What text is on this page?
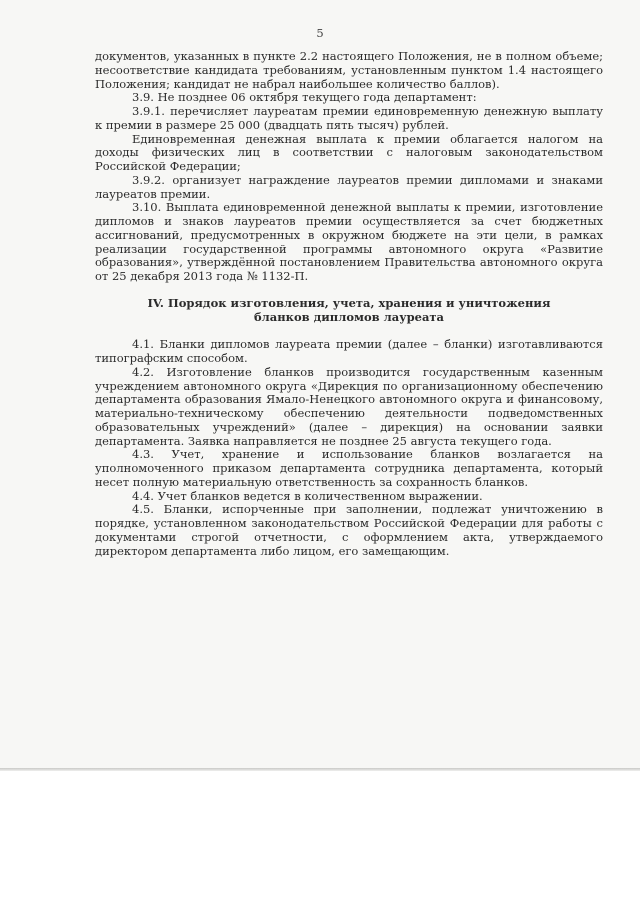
5

документов, указанных в пункте 2.2 настоящего Положения, не в полном объеме; несоответствие кандидата требованиям, установленным пунктом 1.4 настоящего Положения; кандидат не набрал наибольшее количество баллов).

3.9. Не позднее 06 октября текущего года департамент:

3.9.1. перечисляет лауреатам премии единовременную денежную выплату к премии в размере 25 000 (двадцать пять тысяч) рублей.

Единовременная денежная выплата к премии облагается налогом на доходы физических лиц в соответствии с налоговым законодательством Российской Федерации;

3.9.2. организует награждение лауреатов премии дипломами и знаками лауреатов премии.

3.10. Выплата единовременной денежной выплаты к премии, изготовление дипломов и знаков лауреатов премии осуществляется за счет бюджетных ассигнований, предусмотренных в окружном бюджете на эти цели, в рамках реализации государственной программы автономного округа «Развитие образования», утверждённой постановлением Правительства автономного округа от 25 декабря 2013 года № 1132-П.

IV. Порядок изготовления, учета, хранения и уничтожения
бланков дипломов лауреата

4.1. Бланки дипломов лауреата премии (далее – бланки) изготавливаются типографским способом.

4.2. Изготовление бланков производится государственным казенным учреждением автономного округа «Дирекция по организационному обеспечению департамента образования Ямало-Ненецкого автономного округа и финансовому, материально-техническому обеспечению деятельности подведомственных образовательных учреждений» (далее – дирекция) на основании заявки департамента. Заявка направляется не позднее 25 августа текущего года.

4.3. Учет, хранение и использование бланков возлагается на уполномоченного приказом департамента сотрудника департамента, который несет полную материальную ответственность за сохранность бланков.

4.4. Учет бланков ведется в количественном выражении.

4.5. Бланки, испорченные при заполнении, подлежат уничтожению в порядке, установленном законодательством Российской Федерации для работы с документами строгой отчетности, с оформлением акта, утверждаемого директором департамента либо лицом, его замещающим.
